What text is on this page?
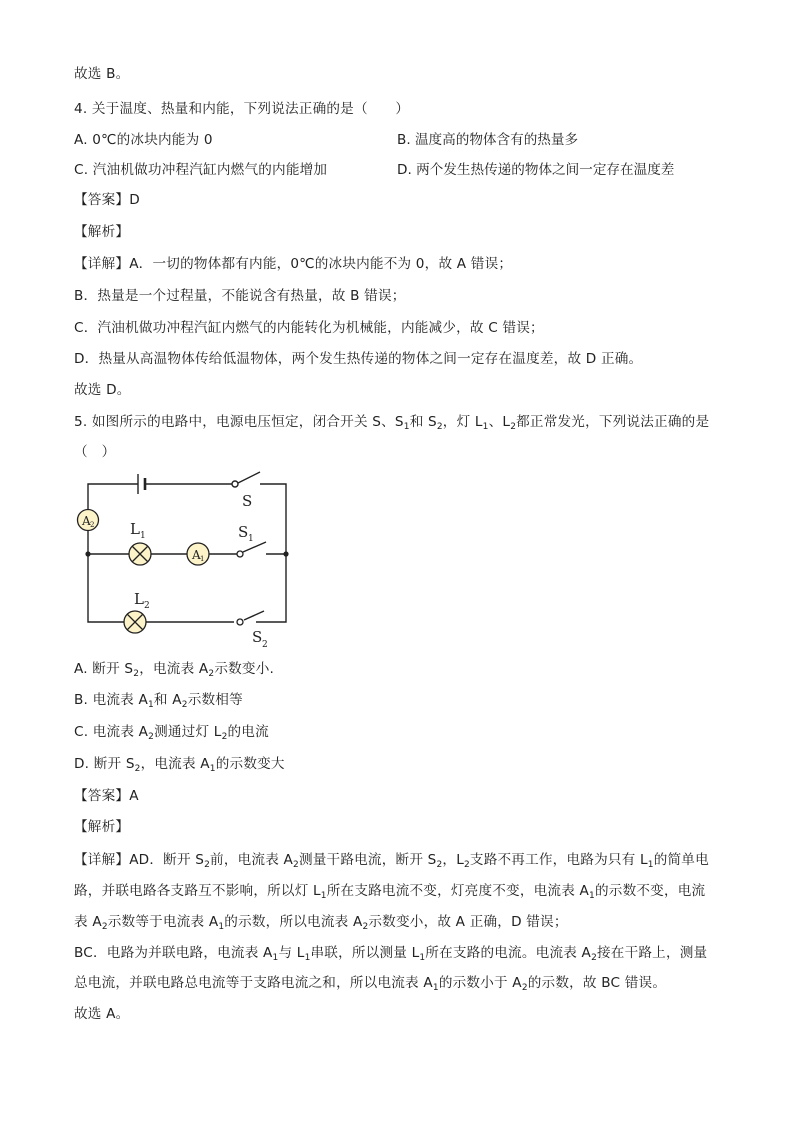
故选 B。
4. 关于温度、热量和内能，下列说法正确的是（　　）
A. 0℃的冰块内能为 0	B. 温度高的物体含有的热量多
C. 汽油机做功冲程汽缸内燃气的内能增加	D. 两个发生热传递的物体之间一定存在温度差
【答案】D
【解析】
【详解】A．一切的物体都有内能，0℃的冰块内能不为 0，故 A 错误；
B．热量是一个过程量，不能说含有热量，故 B 错误；
C．汽油机做功冲程汽缸内燃气的内能转化为机械能，内能减少，故 C 错误；
D．热量从高温物体传给低温物体，两个发生热传递的物体之间一定存在温度差，故 D 正确。
故选 D。
5. 如图所示的电路中，电源电压恒定，闭合开关 S、$S_1$和 $S_2$，灯 $L_1$、$L_2$都正常发光，下列说法正确的是
（　）
A 2 L 1
A 1
L 2
S
S 1
S 2
A. 断开 $S_2$，电流表 $A_2$示数变小.
B. 电流表 $A_1$和 $A_2$示数相等
C. 电流表 $A_2$测通过灯 $L_2$的电流
D. 断开 $S_2$，电流表 $A_1$的示数变大
【答案】A
【解析】
【详解】AD．断开 $S_2$前，电流表 $A_2$测量干路电流，断开 $S_2$，$L_2$支路不再工作，电路为只有 $L_1$的简单电
路，并联电路各支路互不影响，所以灯 $L_1$所在支路电流不变，灯亮度不变，电流表 $A_1$的示数不变，电流
表 $A_2$示数等于电流表 $A_1$的示数，所以电流表 $A_2$示数变小，故 A 正确，D 错误；
BC．电路为并联电路，电流表 $A_1$与 $L_1$串联，所以测量 $L_1$所在支路的电流。电流表 $A_2$接在干路上，测量
总电流，并联电路总电流等于支路电流之和，所以电流表 $A_1$的示数小于 $A_2$的示数，故 BC 错误。
故选 A。
